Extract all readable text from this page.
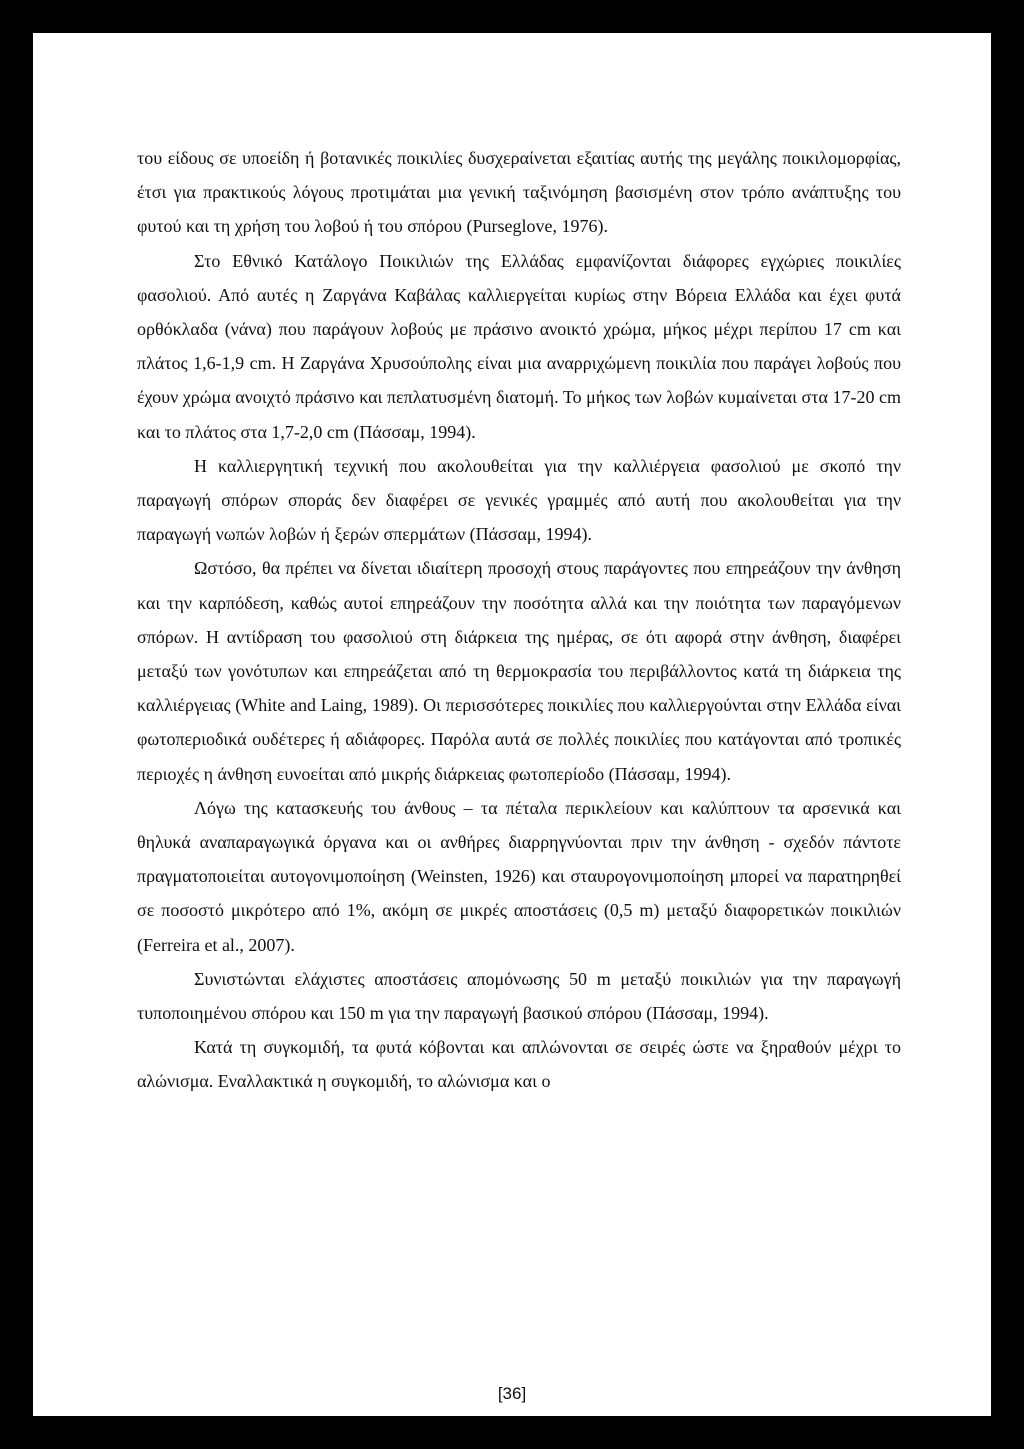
του είδους σε υποείδη ή βοτανικές ποικιλίες δυσχεραίνεται εξαιτίας αυτής της μεγάλης ποικιλομορφίας, έτσι για πρακτικούς λόγους προτιμάται μια γενική ταξινόμηση βασισμένη στον τρόπο ανάπτυξης του φυτού και τη χρήση του λοβού ή του σπόρου (Purseglove, 1976).

Στο Εθνικό Κατάλογο Ποικιλιών της Ελλάδας εμφανίζονται διάφορες εγχώριες ποικιλίες φασολιού. Από αυτές η Ζαργάνα Καβάλας καλλιεργείται κυρίως στην Βόρεια Ελλάδα και έχει φυτά ορθόκλαδα (νάνα) που παράγουν λοβούς με πράσινο ανοικτό χρώμα, μήκος μέχρι περίπου 17 cm και πλάτος 1,6-1,9 cm. Η Ζαργάνα Χρυσούπολης είναι μια αναρριχώμενη ποικιλία που παράγει λοβούς που έχουν χρώμα ανοιχτό πράσινο και πεπλατυσμένη διατομή. Το μήκος των λοβών κυμαίνεται στα 17-20 cm και το πλάτος στα 1,7-2,0 cm (Πάσσαμ, 1994).

Η καλλιεργητική τεχνική που ακολουθείται για την καλλιέργεια φασολιού με σκοπό την παραγωγή σπόρων σποράς δεν διαφέρει σε γενικές γραμμές από αυτή που ακολουθείται για την παραγωγή νωπών λοβών ή ξερών σπερμάτων (Πάσσαμ, 1994).

Ωστόσο, θα πρέπει να δίνεται ιδιαίτερη προσοχή στους παράγοντες που επηρεάζουν την άνθηση και την καρπόδεση, καθώς αυτοί επηρεάζουν την ποσότητα αλλά και την ποιότητα των παραγόμενων σπόρων. Η αντίδραση του φασολιού στη διάρκεια της ημέρας, σε ότι αφορά στην άνθηση, διαφέρει μεταξύ των γονότυπων και επηρεάζεται από τη θερμοκρασία του περιβάλλοντος κατά τη διάρκεια της καλλιέργειας (White and Laing, 1989). Οι περισσότερες ποικιλίες που καλλιεργούνται στην Ελλάδα είναι φωτοπεριοδικά ουδέτερες ή αδιάφορες. Παρόλα αυτά σε πολλές ποικιλίες που κατάγονται από τροπικές περιοχές η άνθηση ευνοείται από μικρής διάρκειας φωτοπερίοδο (Πάσσαμ, 1994).

Λόγω της κατασκευής του άνθους – τα πέταλα περικλείουν και καλύπτουν τα αρσενικά και θηλυκά αναπαραγωγικά όργανα και οι ανθήρες διαρρηγνύονται πριν την άνθηση - σχεδόν πάντοτε πραγματοποιείται αυτογονιμοποίηση (Weinsten, 1926) και σταυρογονιμοποίηση μπορεί να παρατηρηθεί σε ποσοστό μικρότερο από 1%, ακόμη σε μικρές αποστάσεις (0,5 m) μεταξύ διαφορετικών ποικιλιών (Ferreira et al., 2007).

Συνιστώνται ελάχιστες αποστάσεις απομόνωσης 50 m μεταξύ ποικιλιών για την παραγωγή τυποποιημένου σπόρου και 150 m για την παραγωγή βασικού σπόρου (Πάσσαμ, 1994).

Κατά τη συγκομιδή, τα φυτά κόβονται και απλώνονται σε σειρές ώστε να ξηραθούν μέχρι το αλώνισμα. Εναλλακτικά η συγκομιδή, το αλώνισμα και ο

[36]
